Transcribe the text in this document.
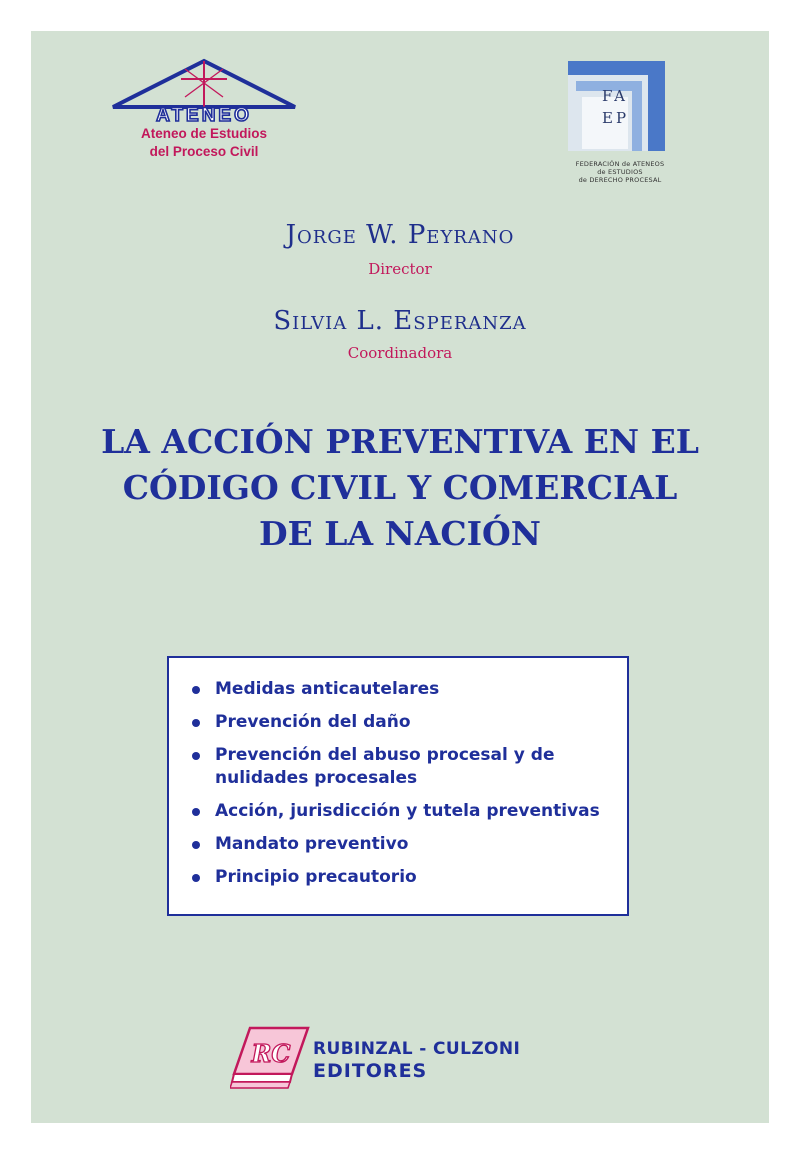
ATENEO
Ateneo de Estudios
del Proceso Civil
FA
EP
FEDERACIÓN de ATENEOS
de ESTUDIOS
de DERECHO PROCESAL
Jorge W. Peyrano
Director
Silvia L. Esperanza
Coordinadora
LA ACCIÓN PREVENTIVA EN EL
CÓDIGO CIVIL Y COMERCIAL
DE LA NACIÓN
Medidas anticautelares
Prevención del daño
Prevención del abuso procesal y de nulidades procesales
Acción, jurisdicción y tutela preventivas
Mandato preventivo
Principio precautorio
RC RUBINZAL - CULZONI
EDITORES
